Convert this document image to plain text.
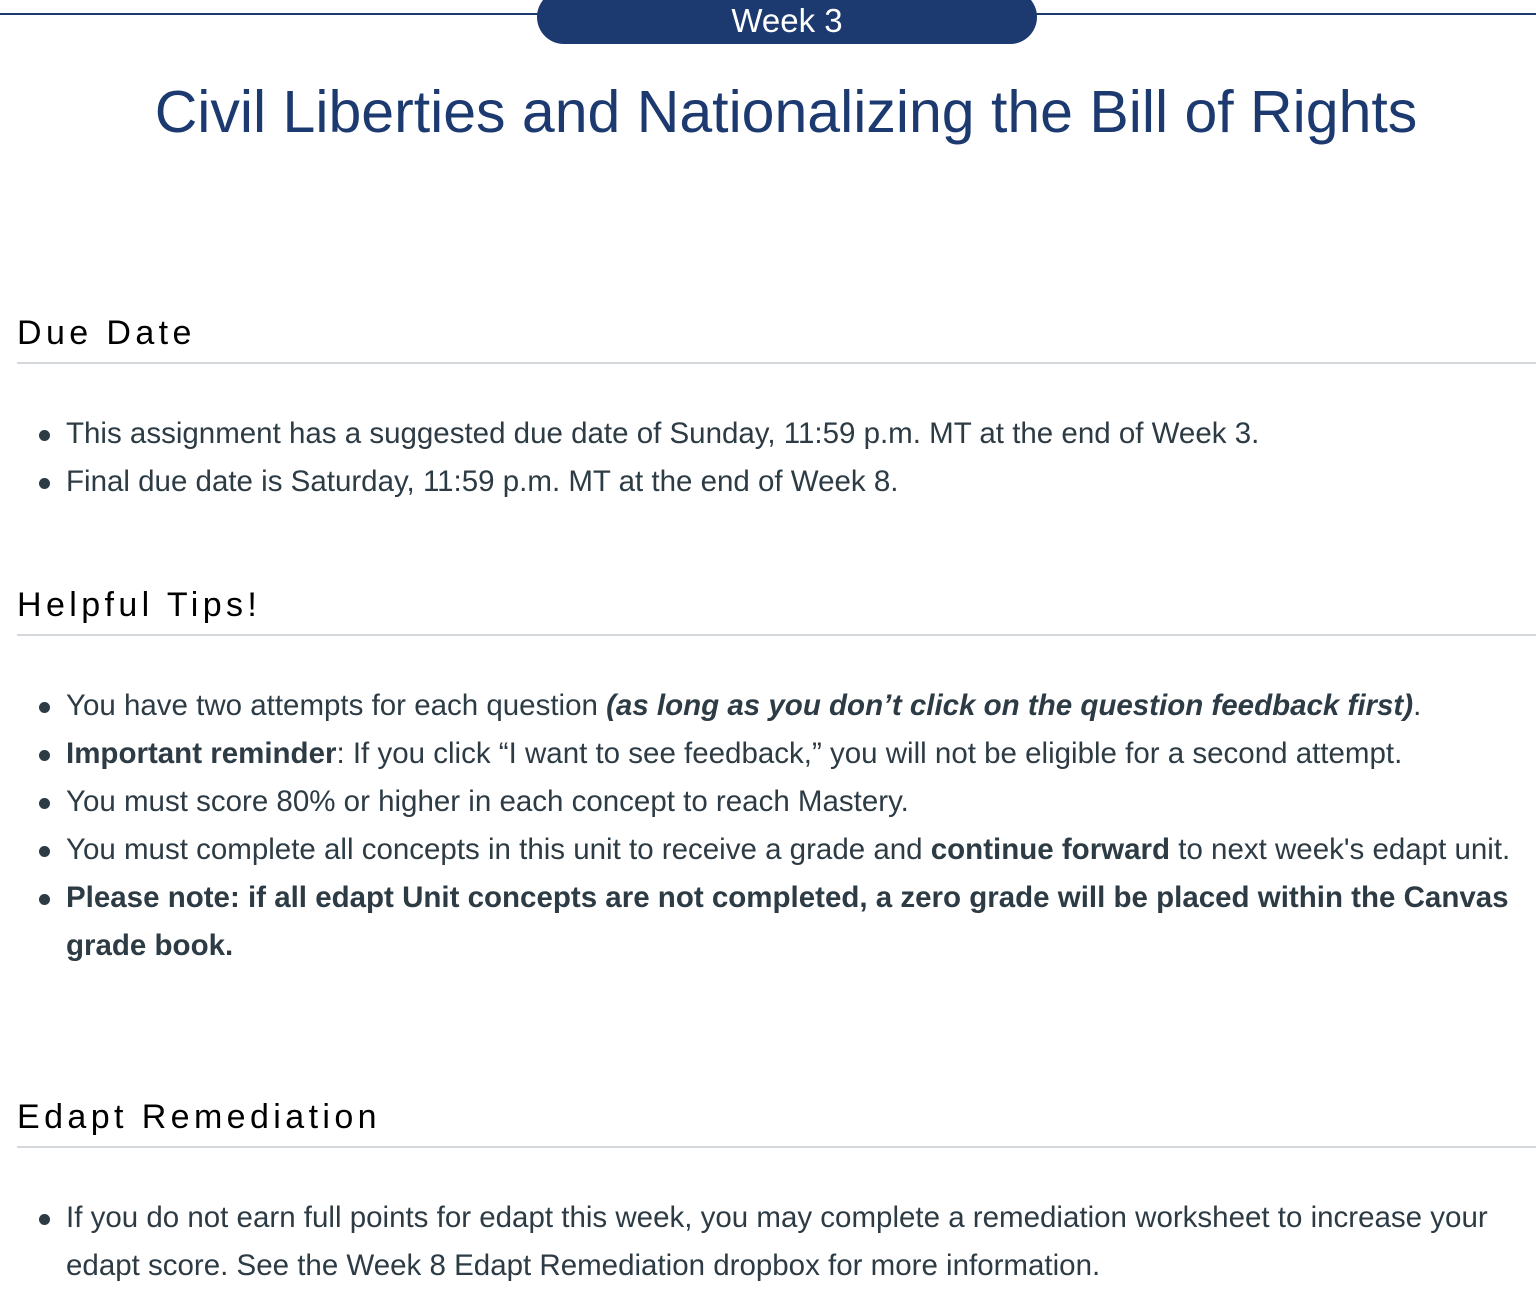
Week 3
Civil Liberties and Nationalizing the Bill of Rights
Due Date
This assignment has a suggested due date of Sunday, 11:59 p.m. MT at the end of Week 3.
Final due date is Saturday, 11:59 p.m. MT at the end of Week 8.
Helpful Tips!
You have two attempts for each question (as long as you don’t click on the question feedback first).
Important reminder: If you click “I want to see feedback,” you will not be eligible for a second attempt.
You must score 80% or higher in each concept to reach Mastery.
You must complete all concepts in this unit to receive a grade and continue forward to next week's edapt unit.
Please note: if all edapt Unit concepts are not completed, a zero grade will be placed within the Canvas grade book.
Edapt Remediation
If you do not earn full points for edapt this week, you may complete a remediation worksheet to increase your edapt score. See the Week 8 Edapt Remediation dropbox for more information.
